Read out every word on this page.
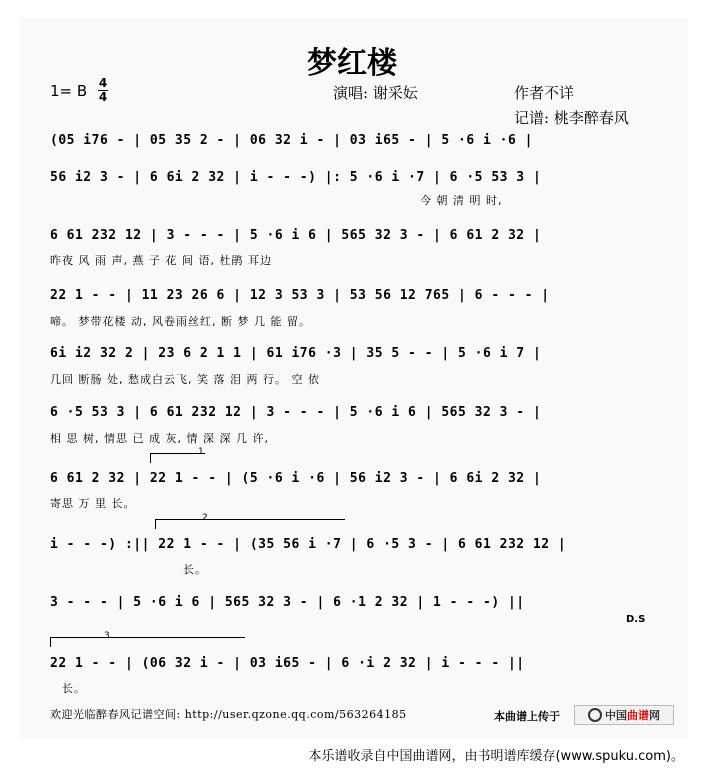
梦红楼
1= B 4
4	演唱: 谢采妘	作者不详
记谱: 桃李醉春风
(05 i76 - | 05 35 2 - | 06 32 i - | 03 i65 - | 5 ·6 i ·6 |
56 i2 3 - | 6 6i 2 32 | i - - -) |: 5 ·6 i ·7 | 6 ·5 53 3 |
今 朝 清 明 时,
6 61 232 12 | 3 - - - | 5 ·6 i 6 | 565 32 3 - | 6 61 2 32 |
昨夜 风 雨 声, 燕 子 花 间 语, 杜鹃 耳边
22 1 - - | 11 23 26 6 | 12 3 53 3 | 53 56 12 765 | 6 - - - |
啼。 梦带花楼 动, 风卷雨丝红, 断 梦 几 能 留。
6i i2 32 2 | 23 6 2 1 1 | 61 i76 ·3 | 35 5 - - | 5 ·6 i 7 |
几回 断肠 处, 愁成白云飞, 笑 落 泪 两 行。 空 依
6 ·5 53 3 | 6 61 232 12 | 3 - - - | 5 ·6 i 6 | 565 32 3 - |
相 思 树, 情思 已 成 灰, 情 深 深 几 许,
1
6 61 2 32 | 22 1 - - | (5 ·6 i ·6 | 56 i2 3 - | 6 6i 2 32 |
寄思 万 里 长。
2
i - - -) :|| 22 1 - - | (35 56 i ·7 | 6 ·5 3 - | 6 61 232 12 |
长。
3 - - - | 5 ·6 i 6 | 565 32 3 - | 6 ·1 2 32 | 1 - - -) ||
D.S
3
22 1 - - | (06 32 i - | 03 i65 - | 6 ·i 2 32 | i - - - ||
长。
欢迎光临醉春风记谱空间: http://user.qzone.qq.com/563264185	本曲谱上传于	中国曲谱网
本乐谱收录自中国曲谱网，由书明谱库缓存(www.spuku.com)。
